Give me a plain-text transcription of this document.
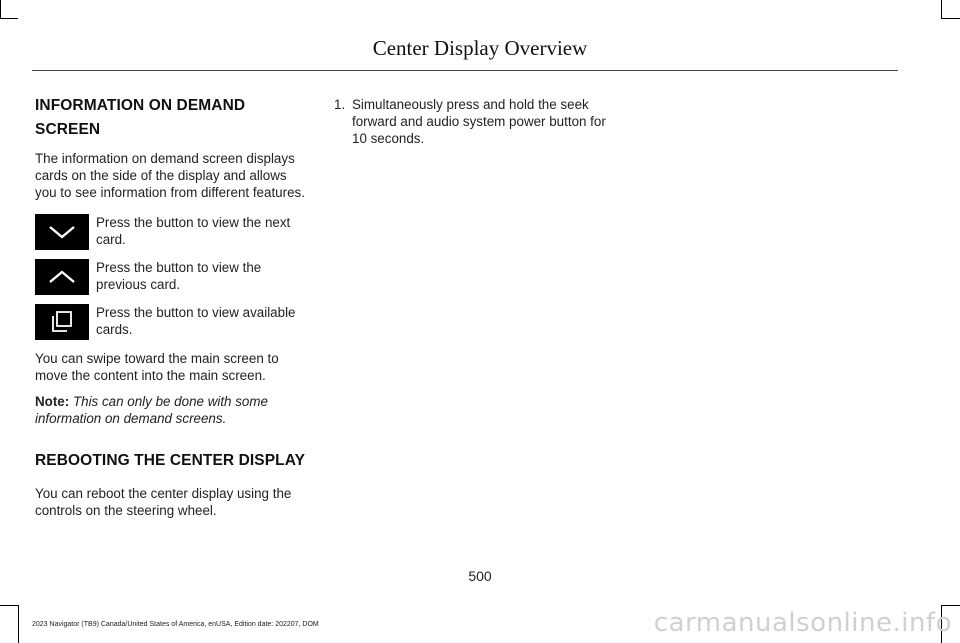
Center Display Overview
INFORMATION ON DEMAND
SCREEN

The information on demand screen displays cards on the side of the display and allows you to see information from different features.

Press the button to view the next card.
Press the button to view the previous card.
Press the button to view available cards.

You can swipe toward the main screen to move the content into the main screen.

Note: This can only be done with some information on demand screens.

REBOOTING THE CENTER DISPLAY

You can reboot the center display using the controls on the steering wheel.

1. Simultaneously press and hold the seek forward and audio system power button for 10 seconds.
500
2023 Navigator (TB9) Canada/United States of America, enUSA, Edition date: 202207, DOM	carmanualsonline.info
